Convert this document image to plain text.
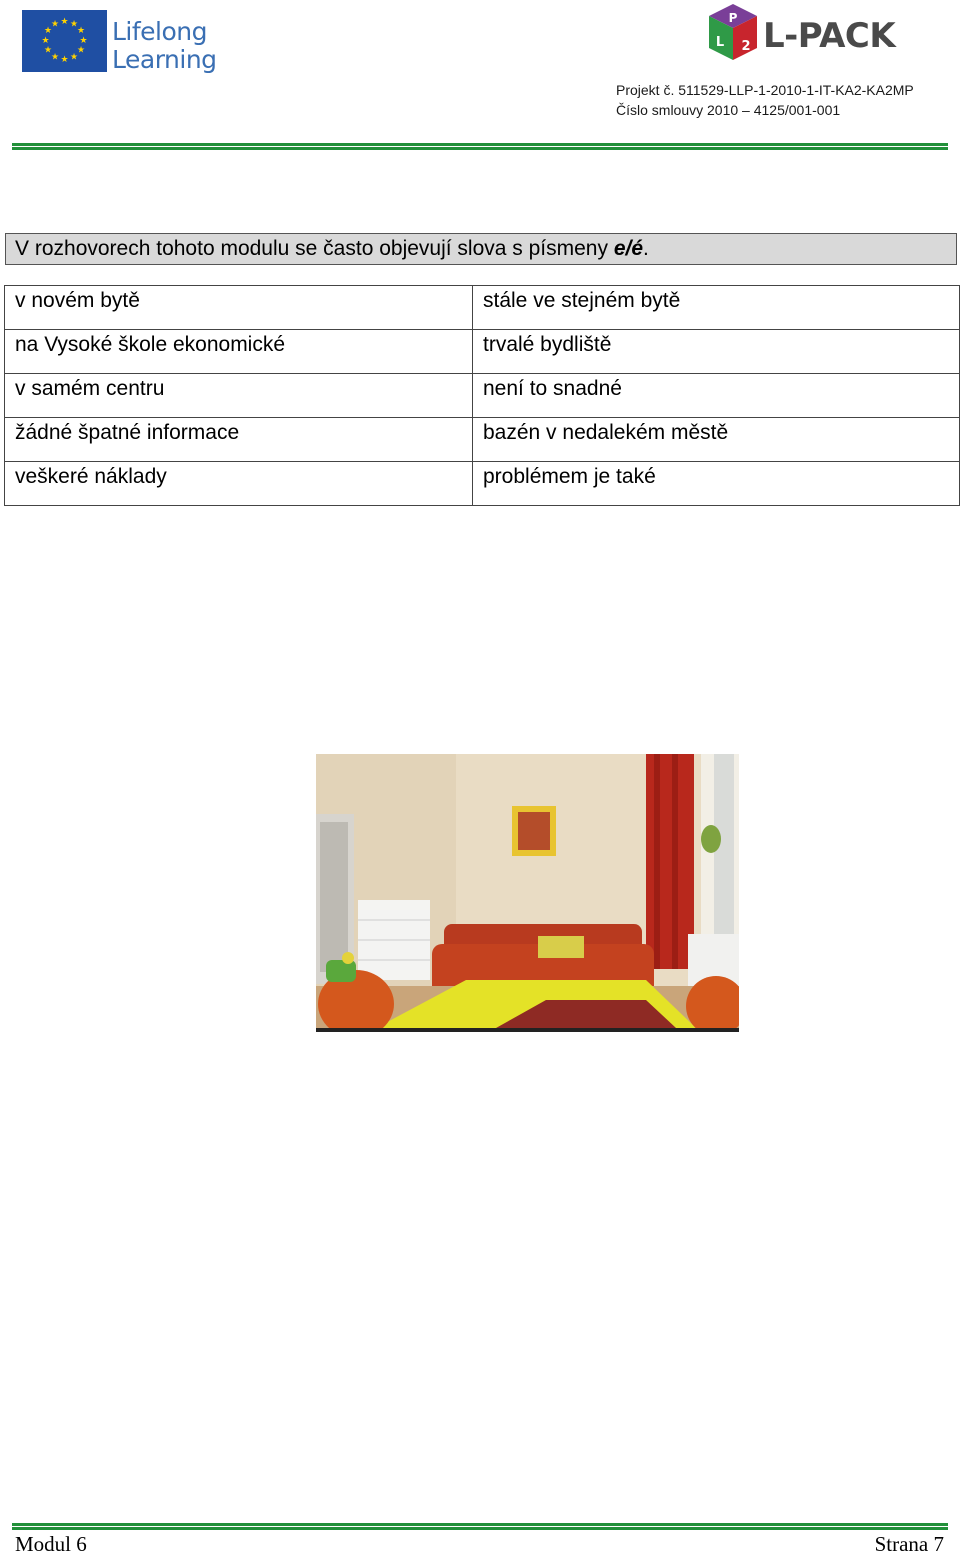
★ ★
★
★
★
★
★
★
★
★
★
★ Lifelong
Learning
P
L 2 L-PACK
Projekt č. 511529-LLP-1-2010-1-IT-KA2-KA2MP
Číslo smlouvy 2010 – 4125/001-001
V rozhovorech tohoto modulu se často objevují slova s písmeny e/é.
v novém bytě	stále ve stejném bytě
na Vysoké škole ekonomické	trvalé bydliště
v samém centru	není to snadné
žádné špatné informace	bazén v nedalekém městě
veškeré náklady	problémem je také
Modul 6	Strana 7
